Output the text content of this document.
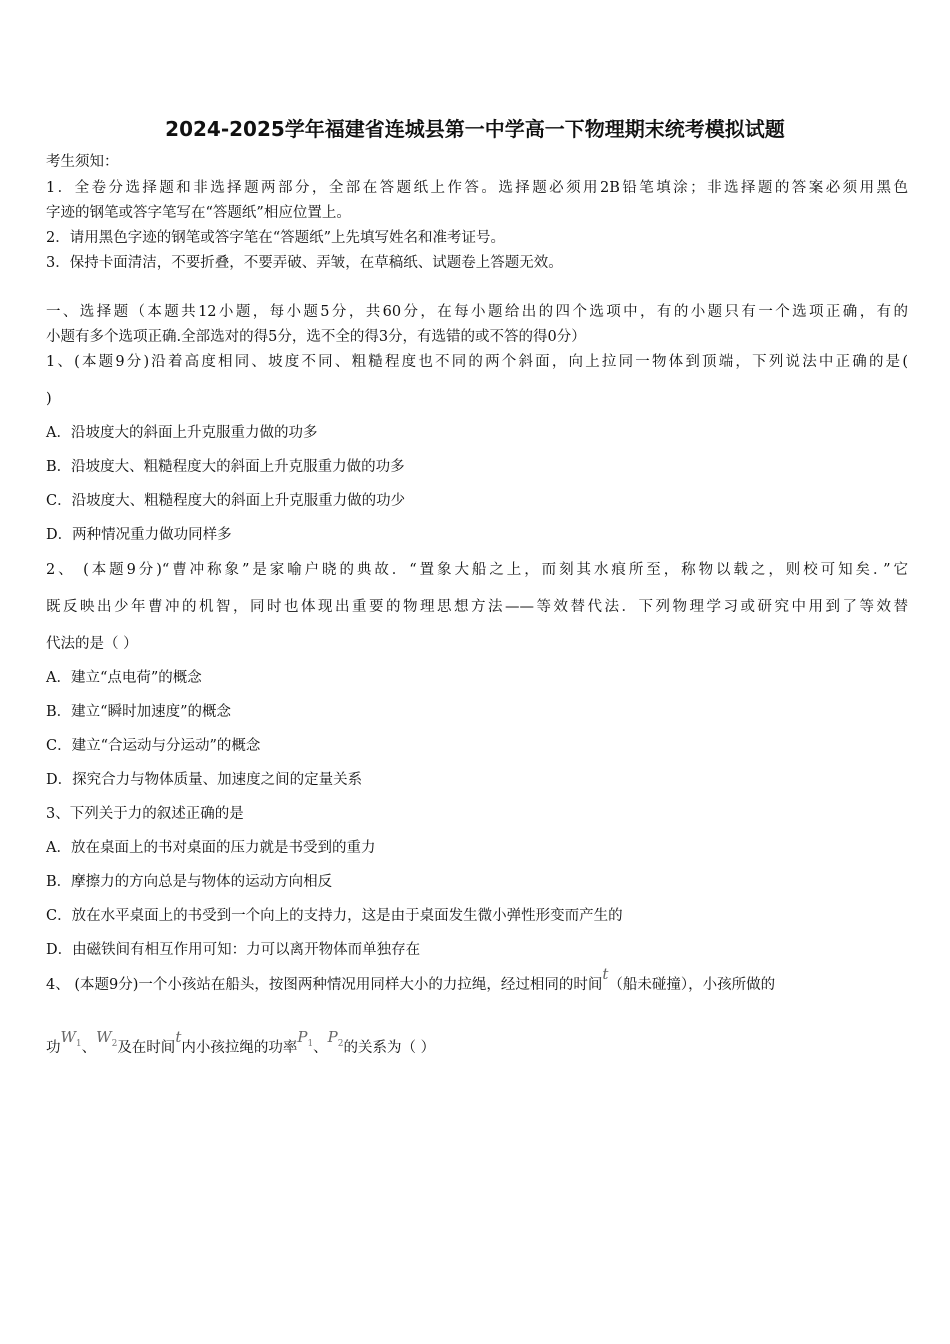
2024-2025学年福建省连城县第一中学高一下物理期末统考模拟试题
考生须知：
1．全卷分选择题和非选择题两部分，全部在答题纸上作答。选择题必须用2B铅笔填涂；非选择题的答案必须用黑色
字迹的钢笔或答字笔写在“答题纸”相应位置上。
2．请用黑色字迹的钢笔或答字笔在“答题纸”上先填写姓名和准考证号。
3．保持卡面清洁，不要折叠，不要弄破、弄皱，在草稿纸、试题卷上答题无效。
一、选择题（本题共12小题，每小题5分，共60分，在每小题给出的四个选项中，有的小题只有一个选项正确，有的
小题有多个选项正确.全部选对的得5分，选不全的得3分，有选错的或不答的得0分）
1、(本题9分)沿着高度相同、坡度不同、粗糙程度也不同的两个斜面，向上拉同一物体到顶端，下列说法中正确的是(
)
A．沿坡度大的斜面上升克服重力做的功多
B．沿坡度大、粗糙程度大的斜面上升克服重力做的功多
C．沿坡度大、粗糙程度大的斜面上升克服重力做的功少
D．两种情况重力做功同样多
2、 (本题9分)“曹冲称象”是家喻户晓的典故．“置象大船之上，而刻其水痕所至，称物以载之，则校可知矣．”它
既反映出少年曹冲的机智，同时也体现出重要的物理思想方法——等效替代法．下列物理学习或研究中用到了等效替
代法的是（ ）
A．建立“点电荷”的概念
B．建立“瞬时加速度”的概念
C．建立“合运动与分运动”的概念
D．探究合力与物体质量、加速度之间的定量关系
3、下列关于力的叙述正确的是
A．放在桌面上的书对桌面的压力就是书受到的重力
B．摩擦力的方向总是与物体的运动方向相反
C．放在水平桌面上的书受到一个向上的支持力，这是由于桌面发生微小弹性形变而产生的
D．由磁铁间有相互作用可知：力可以离开物体而单独存在
4、 (本题9分)一个小孩站在船头，按图两种情况用同样大小的力拉绳，经过相同的时间t（船未碰撞），小孩所做的
功$W_1$、$W_2$及在时间t内小孩拉绳的功率$P_1$、$P_2$的关系为（ ）
